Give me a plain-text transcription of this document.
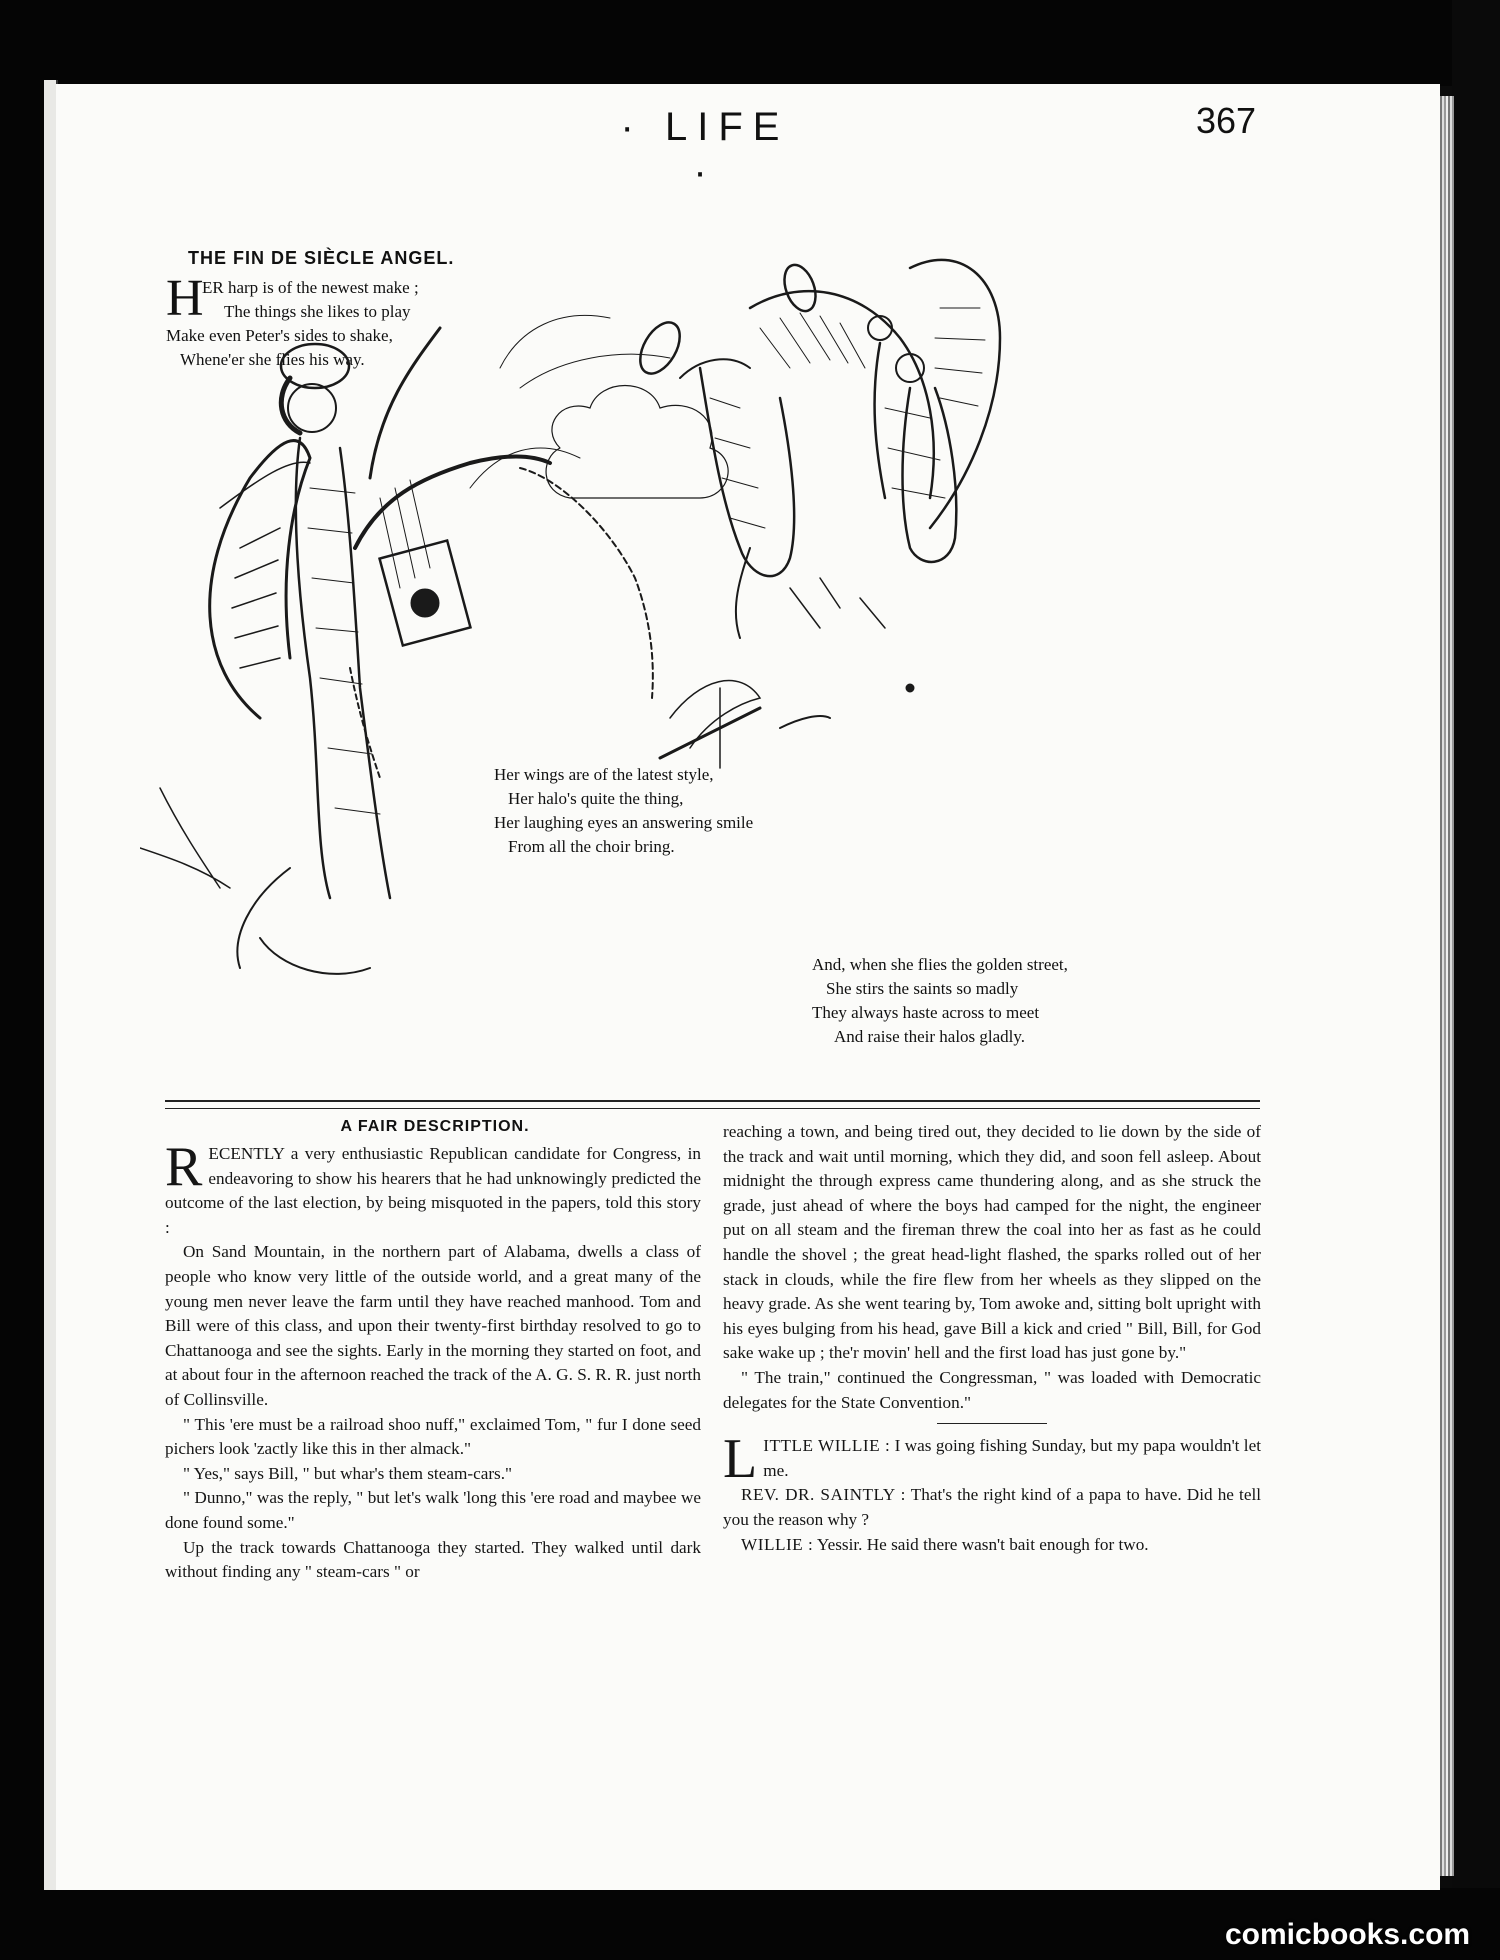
· LIFE ·
367
THE FIN DE SIÈCLE ANGEL.
H
ER harp is of the newest make ;
The things she likes to play
Make even Peter's sides to shake,
Whene'er she flies his way.
Her wings are of the latest style,
Her halo's quite the thing,
Her laughing eyes an answering smile
From all the choir bring.
And, when she flies the golden street,
She stirs the saints so madly
They always haste across to meet
And raise their halos gladly.
A FAIR DESCRIPTION.

RECENTLY a very enthusiastic Republican candidate for Congress, in endeavoring to show his hearers that he had unknowingly predicted the outcome of the last election, by being misquoted in the papers, told this story :

On Sand Mountain, in the northern part of Alabama, dwells a class of people who know very little of the outside world, and a great many of the young men never leave the farm until they have reached manhood. Tom and Bill were of this class, and upon their twenty-first birthday resolved to go to Chattanooga and see the sights. Early in the morning they started on foot, and at about four in the afternoon reached the track of the A. G. S. R. R. just north of Collinsville.

" This 'ere must be a railroad shoo nuff," exclaimed Tom, " fur I done seed pichers look 'zactly like this in ther almack."

" Yes," says Bill, " but whar's them steam-cars."

" Dunno," was the reply, " but let's walk 'long this 'ere road and maybee we done found some."

Up the track towards Chattanooga they started. They walked until dark without finding any " steam-cars " or

reaching a town, and being tired out, they decided to lie down by the side of the track and wait until morning, which they did, and soon fell asleep. About midnight the through express came thundering along, and as she struck the grade, just ahead of where the boys had camped for the night, the engineer put on all steam and the fireman threw the coal into her as fast as he could handle the shovel ; the great head-light flashed, the sparks rolled out of her stack in clouds, while the fire flew from her wheels as they slipped on the heavy grade. As she went tearing by, Tom awoke and, sitting bolt upright with his eyes bulging from his head, gave Bill a kick and cried " Bill, Bill, for God sake wake up ; the'r movin' hell and the first load has just gone by."

" The train," continued the Congressman, " was loaded with Democratic delegates for the State Convention."

LITTLE WILLIE : I was going fishing Sunday, but my papa wouldn't let me.

REV. DR. SAINTLY : That's the right kind of a papa to have. Did he tell you the reason why ?

WILLIE : Yessir. He said there wasn't bait enough for two.

comicbooks.com
